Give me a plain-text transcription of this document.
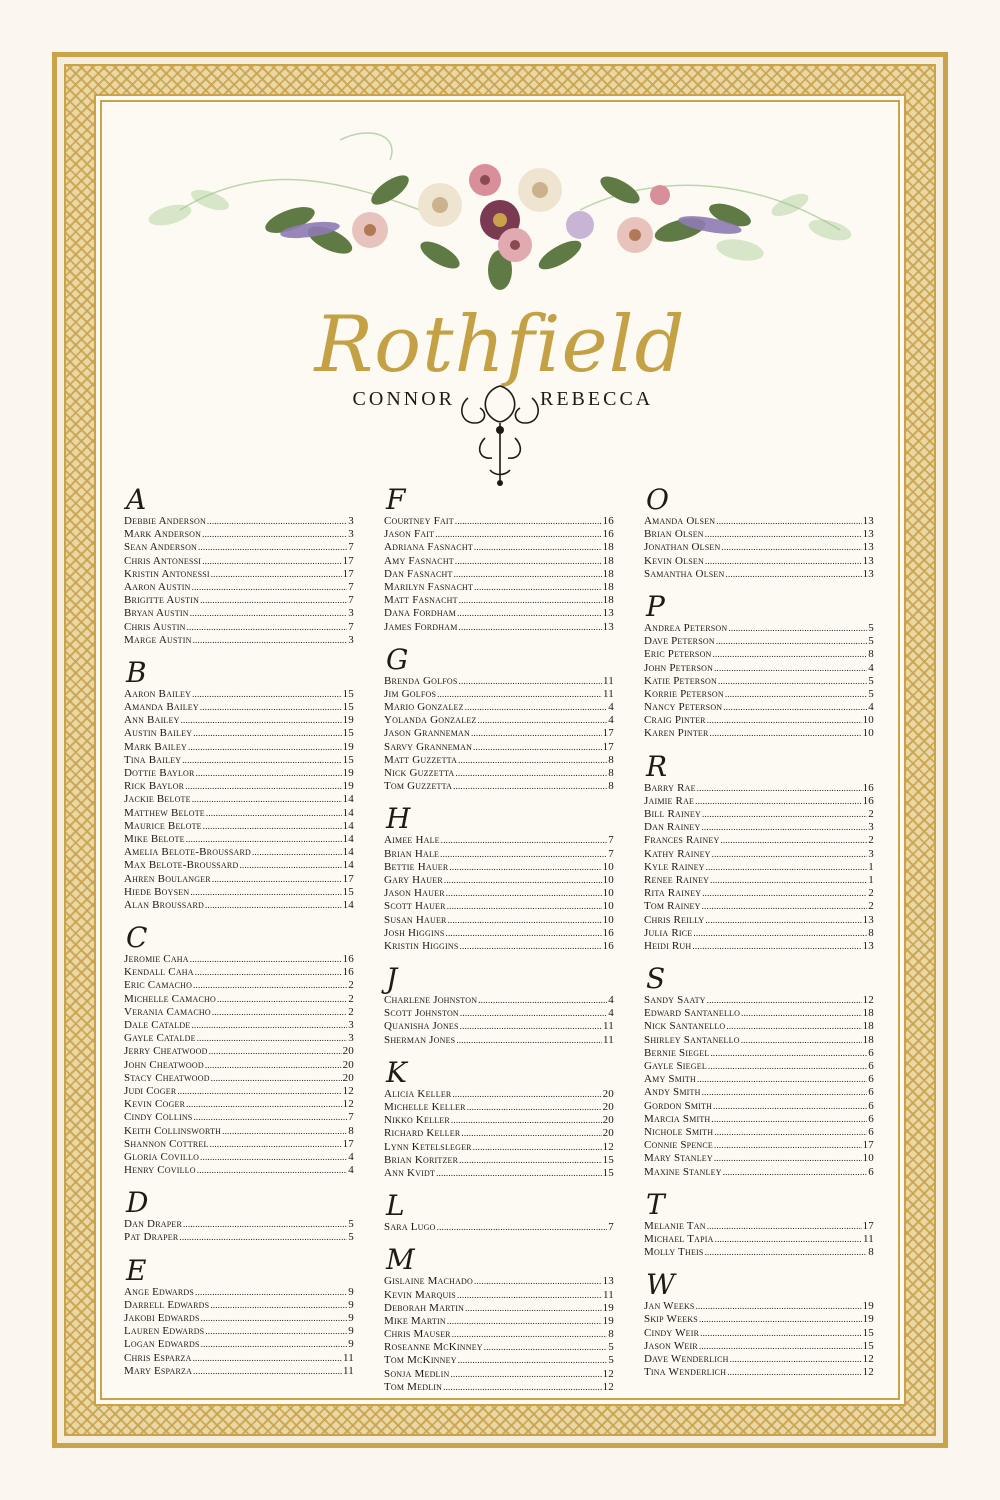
Rothfield
CONNOR	REBECCA
A
Debbie Anderson .....	3
Mark Anderson .....	3
Sean Anderson .....	7
Chris Antonessi .....	17
Kristin Antonessi .....	17
Aaron Austin .....	7
Brigitte Austin .....	7
Bryan Austin .....	3
Chris Austin .....	7
Marge Austin .....	3
B
Aaron Bailey .....	15
Amanda Bailey .....	15
Ann Bailey .....	19
Austin Bailey .....	15
Mark Bailey .....	19
Tina Bailey .....	15
Dottie Baylor .....	19
Rick Baylor .....	19
Jackie Belote .....	14
Matthew Belote .....	14
Maurice Belote .....	14
Mike Belote .....	14
Amelia Belote-Broussard .....	14
Max Belote-Broussard .....	14
Ahren Boulanger .....	17
Hiede Boysen .....	15
Alan Broussard .....	14
C
Jeromie Caha .....	16
Kendall Caha .....	16
Eric Camacho .....	2
Michelle Camacho .....	2
Verania Camacho .....	2
Dale Catalde .....	3
Gayle Catalde .....	3
Jerry Cheatwood .....	20
John Cheatwood .....	20
Stacy Cheatwood .....	20
Judi Coger .....	12
Kevin Coger .....	12
Cindy Collins .....	7
Keith Collinsworth .....	8
Shannon Cottrel .....	17
Gloria Covillo .....	4
Henry Covillo .....	4
D
Dan Draper .....	5
Pat Draper .....	5
E
Ange Edwards .....	9
Darrell Edwards .....	9
Jakobi Edwards .....	9
Lauren Edwards .....	9
Logan Edwards .....	9
Chris Esparza .....	11
Mary Esparza .....	11
F
Courtney Fait .....	16
Jason Fait .....	16
Adriana Fasnacht .....	18
Amy Fasnacht .....	18
Dan Fasnacht .....	18
Marilyn Fasnacht .....	18
Matt Fasnacht .....	18
Dana Fordham .....	13
James Fordham .....	13
G
Brenda Golfos .....	11
Jim Golfos .....	11
Mario Gonzalez .....	4
Yolanda Gonzalez .....	4
Jason Granneman .....	17
Sarvy Granneman .....	17
Matt Guzzetta .....	8
Nick Guzzetta .....	8
Tom Guzzetta .....	8
H
Aimee Hale .....	7
Brian Hale .....	7
Bettie Hauer .....	10
Gary Hauer .....	10
Jason Hauer .....	10
Scott Hauer .....	10
Susan Hauer .....	10
Josh Higgins .....	16
Kristin Higgins .....	16
J
Charlene Johnston .....	4
Scott Johnston .....	4
Quanisha Jones .....	11
Sherman Jones .....	11
K
Alicia Keller .....	20
Michelle Keller .....	20
Nikko Keller .....	20
Richard Keller .....	20
Lynn Ketelsleger .....	12
Brian Koritzer .....	15
Ann Kvidt .....	15
L
Sara Lugo .....	7
M
Gislaine Machado .....	13
Kevin Marquis .....	11
Deborah Martin .....	19
Mike Martin .....	19
Chris Mauser .....	8
Roseanne McKinney .....	5
Tom McKinney .....	5
Sonja Medlin .....	12
Tom Medlin .....	12
O
Amanda Olsen .....	13
Brian Olsen .....	13
Jonathan Olsen .....	13
Kevin Olsen .....	13
Samantha Olsen .....	13
P
Andrea Peterson .....	5
Dave Peterson .....	5
Eric Peterson .....	8
John Peterson .....	4
Katie Peterson .....	5
Korrie Peterson .....	5
Nancy Peterson .....	4
Craig Pinter .....	10
Karen Pinter .....	10
R
Barry Rae .....	16
Jaimie Rae .....	16
Bill Rainey .....	2
Dan Rainey .....	3
Frances Rainey .....	2
Kathy Rainey .....	3
Kyle Rainey .....	1
Renee Rainey .....	1
Rita Rainey .....	2
Tom Rainey .....	2
Chris Reilly .....	13
Julia Rice .....	8
Heidi Ruh .....	13
S
Sandy Saaty .....	12
Edward Santanello .....	18
Nick Santanello .....	18
Shirley Santanello .....	18
Bernie Siegel .....	6
Gayle Siegel .....	6
Amy Smith .....	6
Andy Smith .....	6
Gordon Smith .....	6
Marcia Smith .....	6
Nichole Smith .....	6
Connie Spence .....	17
Mary Stanley .....	10
Maxine Stanley .....	6
T
Melanie Tan .....	17
Michael Tapia .....	11
Molly Theis .....	8
W
Jan Weeks .....	19
Skip Weeks .....	19
Cindy Weir .....	15
Jason Weir .....	15
Dave Wenderlich .....	12
Tina Wenderlich .....	12
